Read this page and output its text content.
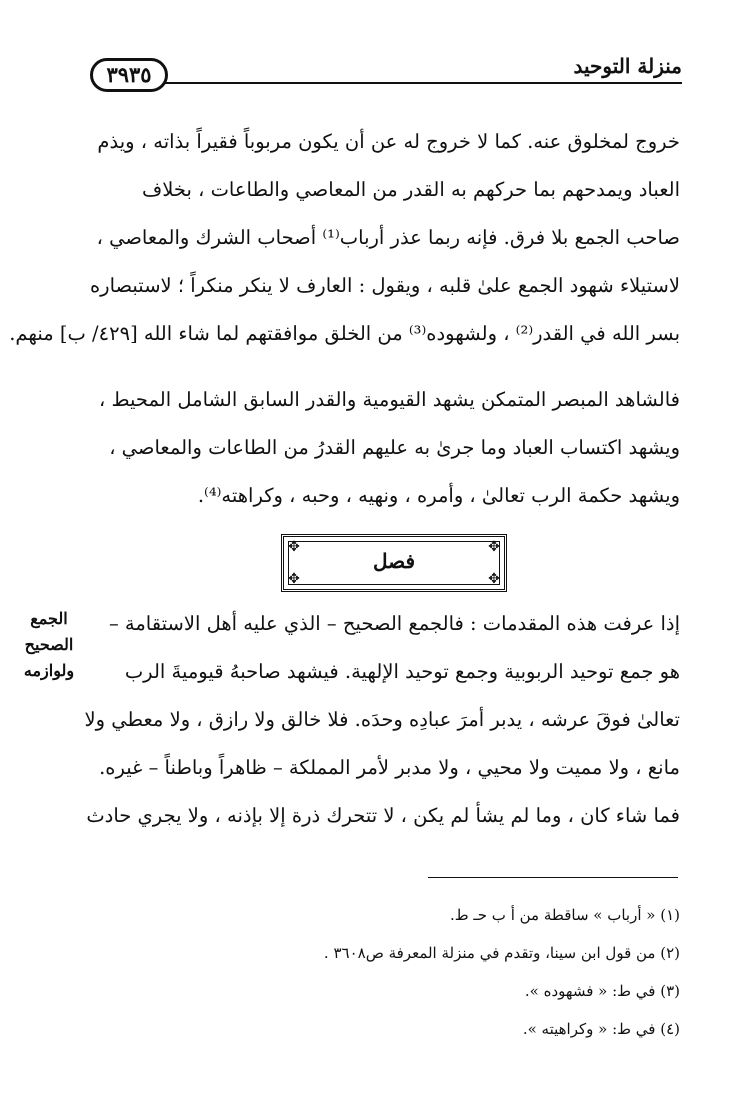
منزلة التوحيد
٣٩٣٥
خروج لمخلوق عنه. كما لا خروج له عن أن يكون مربوباً فقيراً بذاته ، ويذم
العباد ويمدحهم بما حركهم به القدر من المعاصي والطاعات ، بخلاف
صاحب الجمع بلا فرق. فإنه ربما عذر أرباب⁽¹⁾ أصحاب الشرك والمعاصي ،
لاستيلاء شهود الجمع علىٰ قلبه ، ويقول : العارف لا ينكر منكراً ؛ لاستبصاره
بسر الله في القدر⁽²⁾ ، ولشهوده⁽³⁾ من الخلق موافقتهم لما شاء الله [٤٢٩/ ب] منهم.
فالشاهد المبصر المتمكن يشهد القيومية والقدر السابق الشامل المحيط ،
ويشهد اكتساب العباد وما جرىٰ به عليهم القدرُ من الطاعات والمعاصي ،
ويشهد حكمة الرب تعالىٰ ، وأمره ، ونهيه ، وحبه ، وكراهته⁽⁴⁾.
✥	✥
✥	✥
فصل
الجمع
الصحيح
ولوازمه
إذا عرفت هذه المقدمات : فالجمع الصحيح – الذي عليه أهل الاستقامة –
هو جمع توحيد الربوبية وجمع توحيد الإلهية. فيشهد صاحبهُ قيوميةَ الرب
تعالىٰ فوقَ عرشه ، يدبر أمرَ عبادِه وحدَه. فلا خالق ولا رازق ، ولا معطي ولا
مانع ، ولا مميت ولا محيي ، ولا مدبر لأمر المملكة – ظاهراً وباطناً – غيره.
فما شاء كان ، وما لم يشأ لم يكن ، لا تتحرك ذرة إلا بإذنه ، ولا يجري حادث
(١) « أرباب » ساقطة من أ ب حـ ط.
(٢) من قول ابن سينا، وتقدم في منزلة المعرفة ص٣٦٠٨ .
(٣) في ط: « فشهوده ».
(٤) في ط: « وكراهيته ».
